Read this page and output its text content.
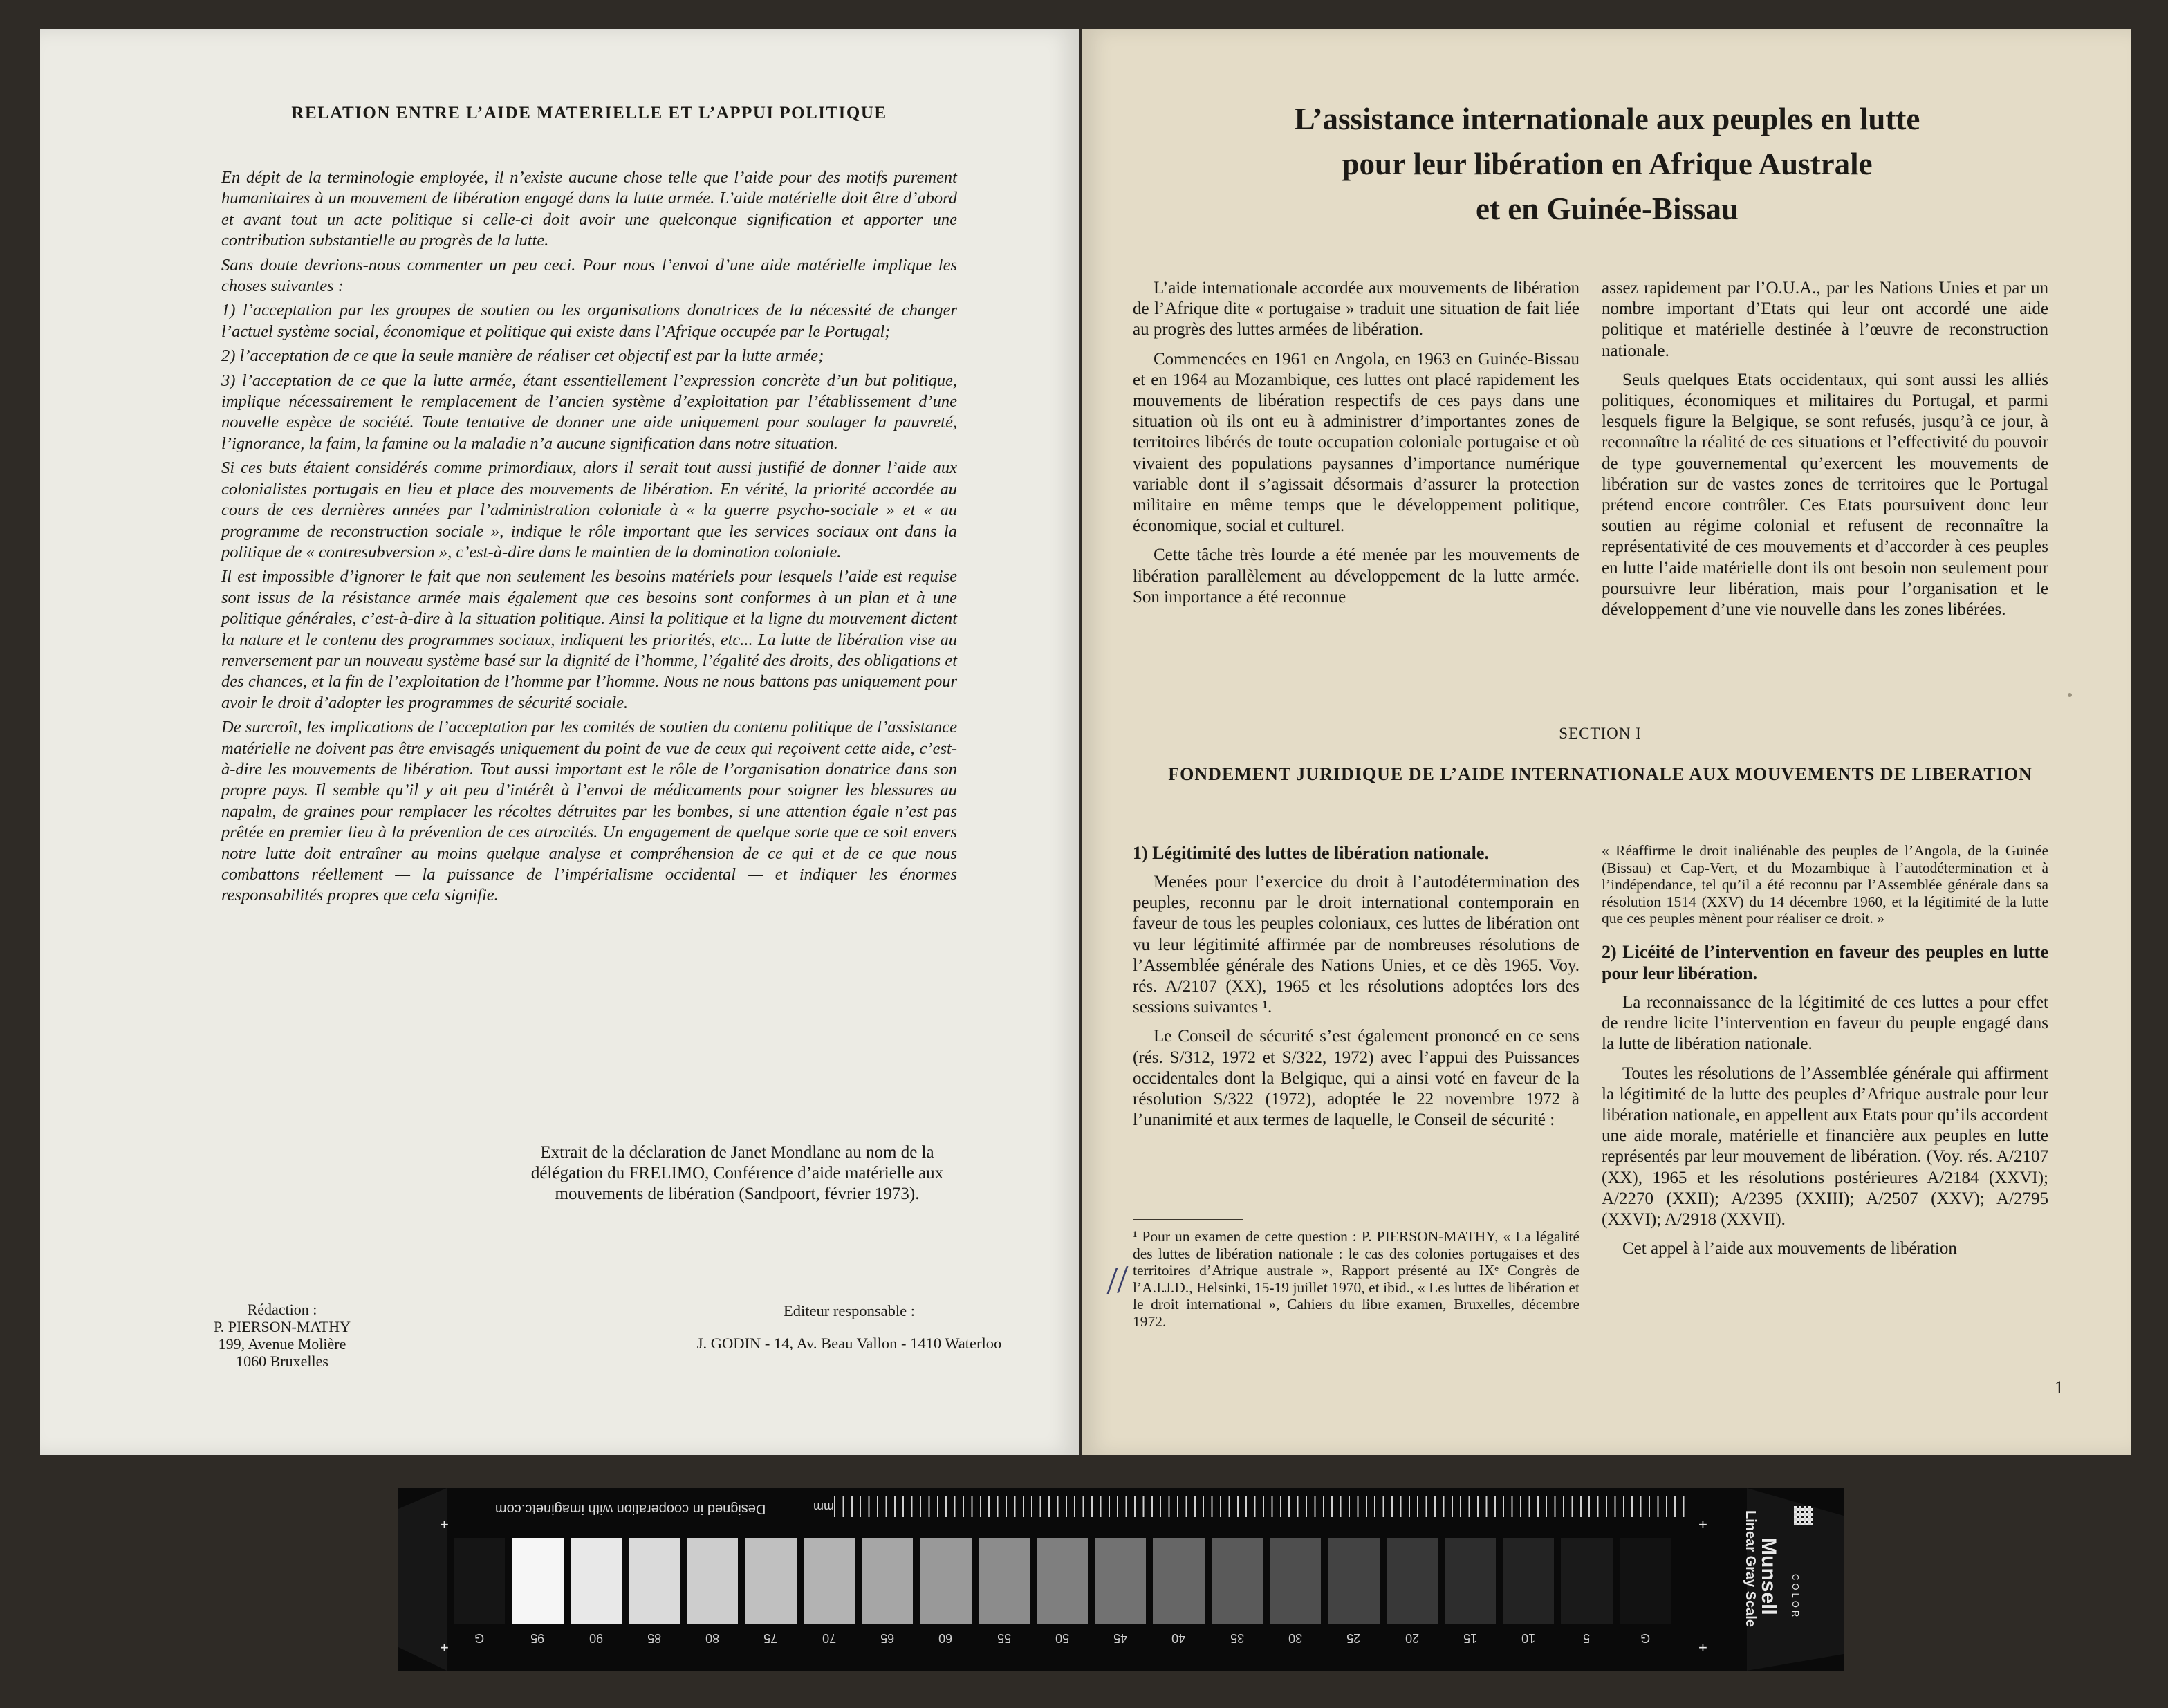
RELATION ENTRE L’AIDE MATERIELLE ET L’APPUI POLITIQUE

En dépit de la terminologie employée, il n’existe aucune chose telle que l’aide pour des motifs purement humanitaires à un mouvement de libération engagé dans la lutte armée. L’aide matérielle doit être d’abord et avant tout un acte politique si celle-ci doit avoir une quelconque signification et apporter une contribution substantielle au progrès de la lutte.

Sans doute devrions-nous commenter un peu ceci. Pour nous l’envoi d’une aide matérielle implique les choses suivantes :

1) l’acceptation par les groupes de soutien ou les organisations donatrices de la nécessité de changer l’actuel système social, économique et politique qui existe dans l’Afrique occupée par le Portugal;

2) l’acceptation de ce que la seule manière de réaliser cet objectif est par la lutte armée;

3) l’acceptation de ce que la lutte armée, étant essentiellement l’expression concrète d’un but politique, implique nécessairement le remplacement de l’ancien système d’exploitation par l’établissement d’une nouvelle espèce de société. Toute tentative de donner une aide uniquement pour soulager la pauvreté, l’ignorance, la faim, la famine ou la maladie n’a aucune signification dans notre situation.

Si ces buts étaient considérés comme primordiaux, alors il serait tout aussi justifié de donner l’aide aux colonialistes portugais en lieu et place des mouvements de libération. En vérité, la priorité accordée au cours de ces dernières années par l’administration coloniale à « la guerre psycho-sociale » et « au programme de reconstruction sociale », indique le rôle important que les services sociaux ont dans la politique de « contresubversion », c’est-à-dire dans le maintien de la domination coloniale.

Il est impossible d’ignorer le fait que non seulement les besoins matériels pour lesquels l’aide est requise sont issus de la résistance armée mais également que ces besoins sont conformes à un plan et à une politique générales, c’est-à-dire à la situation politique. Ainsi la politique et la ligne du mouvement dictent la nature et le contenu des programmes sociaux, indiquent les priorités, etc... La lutte de libération vise au renversement par un nouveau système basé sur la dignité de l’homme, l’égalité des droits, des obligations et des chances, et la fin de l’exploitation de l’homme par l’homme. Nous ne nous battons pas uniquement pour avoir le droit d’adopter les programmes de sécurité sociale.

De surcroît, les implications de l’acceptation par les comités de soutien du contenu politique de l’assistance matérielle ne doivent pas être envisagés uniquement du point de vue de ceux qui reçoivent cette aide, c’est-à-dire les mouvements de libération. Tout aussi important est le rôle de l’organisation donatrice dans son propre pays. Il semble qu’il y ait peu d’intérêt à l’envoi de médicaments pour soigner les blessures au napalm, de graines pour remplacer les récoltes détruites par les bombes, si une attention égale n’est pas prêtée en premier lieu à la prévention de ces atrocités. Un engagement de quelque sorte que ce soit envers notre lutte doit entraîner au moins quelque analyse et compréhension de ce qui et de ce que nous combattons réellement — la puissance de l’impérialisme occidental — et indiquer les énormes responsabilités propres que cela signifie.

Extrait de la déclaration de Janet Mondlane au nom de la délégation du FRELIMO, Conférence d’aide matérielle aux mouvements de libération (Sandpoort, février 1973).
Rédaction :
P. PIERSON-MATHY
199, Avenue Molière
1060 Bruxelles
Editeur responsable :
J. GODIN - 14, Av. Beau Vallon - 1410 Waterloo
L’assistance internationale aux peuples en lutte
pour leur libération en Afrique Australe
et en Guinée-Bissau

L’aide internationale accordée aux mouvements de libération de l’Afrique dite « portugaise » traduit une situation de fait liée au progrès des luttes armées de libération.

Commencées en 1961 en Angola, en 1963 en Guinée-Bissau et en 1964 au Mozambique, ces luttes ont placé rapidement les mouvements de libération respectifs de ces pays dans une situation où ils ont eu à administrer d’importantes zones de territoires libérés de toute occupation coloniale portugaise et où vivaient des populations paysannes d’importance numérique variable dont il s’agissait désormais d’assurer la protection militaire en même temps que le développement politique, économique, social et culturel.

Cette tâche très lourde a été menée par les mouvements de libération parallèlement au développement de la lutte armée. Son importance a été reconnue

assez rapidement par l’O.U.A., par les Nations Unies et par un nombre important d’Etats qui leur ont accordé une aide politique et matérielle destinée à l’œuvre de reconstruction nationale.

Seuls quelques Etats occidentaux, qui sont aussi les alliés politiques, économiques et militaires du Portugal, et parmi lesquels figure la Belgique, se sont refusés, jusqu’à ce jour, à reconnaître la réalité de ces situations et l’effectivité du pouvoir de type gouvernemental qu’exercent les mouvements de libération sur de vastes zones de territoires que le Portugal prétend encore contrôler. Ces Etats poursuivent donc leur soutien au régime colonial et refusent de reconnaître la représentativité de ces mouvements et d’accorder à ces peuples en lutte l’aide matérielle dont ils ont besoin non seulement pour poursuivre leur libération, mais pour l’organisation et le développement d’une vie nouvelle dans les zones libérées.

SECTION I
FONDEMENT JURIDIQUE DE L’AIDE INTERNATIONALE AUX MOUVEMENTS DE LIBERATION

1) Légitimité des luttes de libération nationale.

Menées pour l’exercice du droit à l’autodétermination des peuples, reconnu par le droit international contemporain en faveur de tous les peuples coloniaux, ces luttes de libération ont vu leur légitimité affirmée par de nombreuses résolutions de l’Assemblée générale des Nations Unies, et ce dès 1965. Voy. rés. A/2107 (XX), 1965 et les résolutions adoptées lors des sessions suivantes ¹.

Le Conseil de sécurité s’est également prononcé en ce sens (rés. S/312, 1972 et S/322, 1972) avec l’appui des Puissances occidentales dont la Belgique, qui a ainsi voté en faveur de la résolution S/322 (1972), adoptée le 22 novembre 1972 à l’unanimité et aux termes de laquelle, le Conseil de sécurité :

« Réaffirme le droit inaliénable des peuples de l’Angola, de la Guinée (Bissau) et Cap-Vert, et du Mozambique à l’autodétermination et à l’indépendance, tel qu’il a été reconnu par l’Assemblée générale dans sa résolution 1514 (XXV) du 14 décembre 1960, et la légitimité de la lutte que ces peuples mènent pour réaliser ce droit. »

2) Licéité de l’intervention en faveur des peuples en lutte pour leur libération.

La reconnaissance de la légitimité de ces luttes a pour effet de rendre licite l’intervention en faveur du peuple engagé dans la lutte de libération nationale.

Toutes les résolutions de l’Assemblée générale qui affirment la légitimité de la lutte des peuples d’Afrique australe pour leur libération nationale, en appellent aux Etats pour qu’ils accordent une aide morale, matérielle et financière aux peuples en lutte représentés par leur mouvement de libération. (Voy. rés. A/2107 (XX), 1965 et les résolutions postérieures A/2184 (XXVI); A/2270 (XXII); A/2395 (XXIII); A/2507 (XXV); A/2795 (XXVI); A/2918 (XXVII).

Cet appel à l’aide aux mouvements de libération

¹ Pour un examen de cette question : P. PIERSON-MATHY, « La légalité des luttes de libération nationale : le cas des colonies portugaises et des territoires d’Afrique australe », Rapport présenté au IXᵉ Congrès de l’A.I.J.D., Helsinki, 15-19 juillet 1970, et ibid., « Les luttes de libération et le droit international », Cahiers du libre examen, Bruxelles, décembre 1972.
//
1
Designed in cooperation with imaginetc.com	mm
+
+
+
+
G	95	90	85	80	75	70	65	60	55	50	45	40	35	30	25	20	15	10	5	G
Munsell COLOR
Linear Gray Scale
